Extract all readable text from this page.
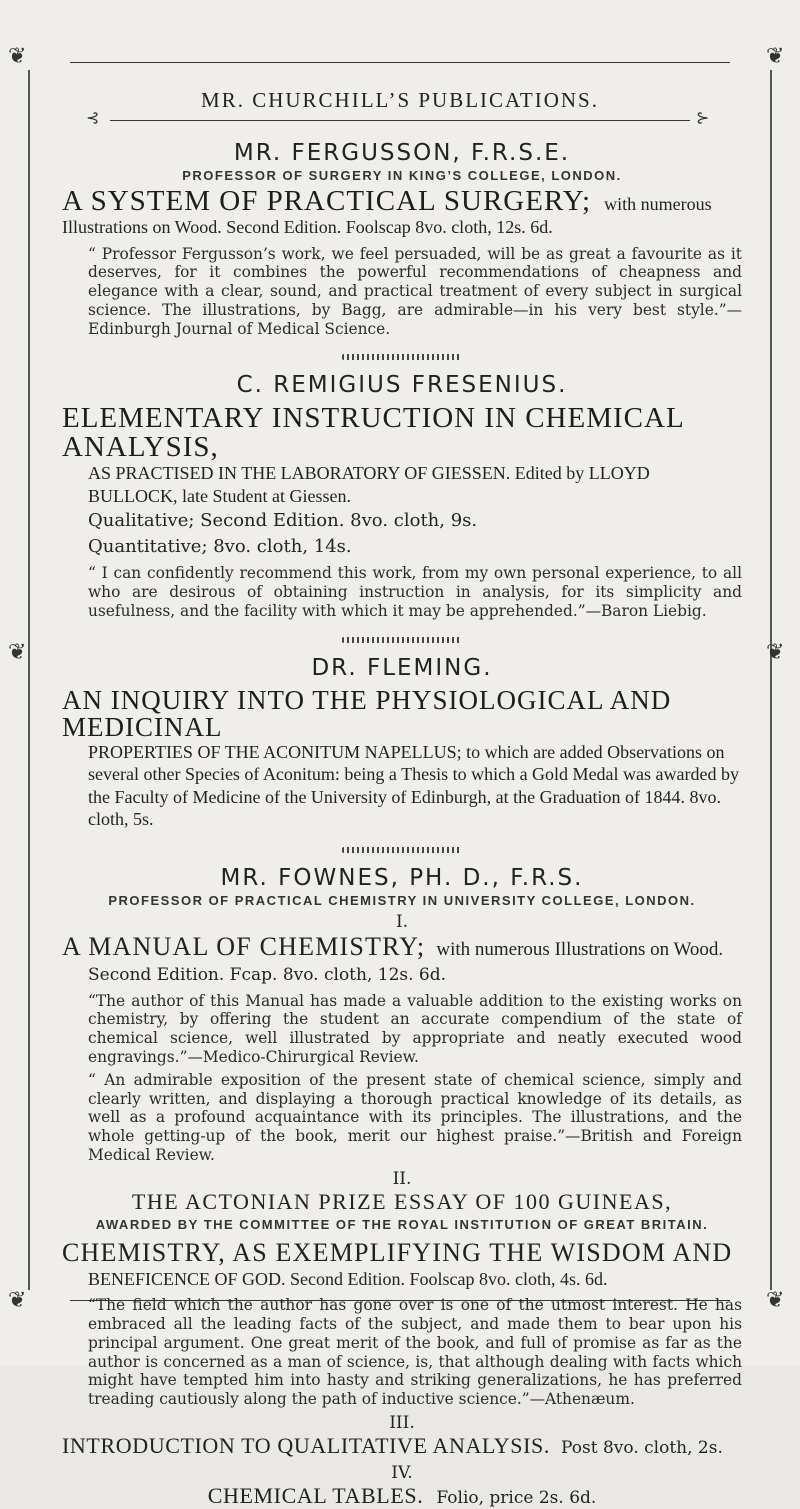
❦	❦
❦	❦
❦	❦
⊰	⊱
MR. CHURCHILL’S PUBLICATIONS.
MR. FERGUSSON, F.R.S.E.
PROFESSOR OF SURGERY IN KING’S COLLEGE, LONDON.
A SYSTEM OF PRACTICAL SURGERY; with numerous Illustrations on Wood. Second Edition. Foolscap 8vo. cloth, 12s. 6d.

“ Professor Fergusson’s work, we feel persuaded, will be as great a favourite as it deserves, for it combines the powerful recommendations of cheapness and elegance with a clear, sound, and practical treatment of every subject in surgical science. The illustrations, by Bagg, are admirable—in his very best style.”—Edinburgh Journal of Medical Science.

C. REMIGIUS FRESENIUS.
ELEMENTARY INSTRUCTION IN CHEMICAL ANALYSIS,
AS PRACTISED IN THE LABORATORY OF GIESSEN. Edited by LLOYD BULLOCK, late Student at Giessen.
Qualitative; Second Edition. 8vo. cloth, 9s.
Quantitative; 8vo. cloth, 14s.

“ I can confidently recommend this work, from my own personal experience, to all who are desirous of obtaining instruction in analysis, for its simplicity and usefulness, and the facility with which it may be apprehended.”—Baron Liebig.

DR. FLEMING.
AN INQUIRY INTO THE PHYSIOLOGICAL AND MEDICINAL
PROPERTIES OF THE ACONITUM NAPELLUS; to which are added Observations on several other Species of Aconitum: being a Thesis to which a Gold Medal was awarded by the Faculty of Medicine of the University of Edinburgh, at the Graduation of 1844. 8vo. cloth, 5s.
MR. FOWNES, PH. D., F.R.S.
PROFESSOR OF PRACTICAL CHEMISTRY IN UNIVERSITY COLLEGE, LONDON.
I.
A MANUAL OF CHEMISTRY; with numerous Illustrations on Wood.
Second Edition. Fcap. 8vo. cloth, 12s. 6d.

“The author of this Manual has made a valuable addition to the existing works on chemistry, by offering the student an accurate compendium of the state of chemical science, well illustrated by appropriate and neatly executed wood engravings.”—Medico-Chirurgical Review.

“ An admirable exposition of the present state of chemical science, simply and clearly written, and displaying a thorough practical knowledge of its details, as well as a profound acquaintance with its principles. The illustrations, and the whole getting-up of the book, merit our highest praise.”—British and Foreign Medical Review.

II.
THE ACTONIAN PRIZE ESSAY OF 100 GUINEAS,
AWARDED BY THE COMMITTEE OF THE ROYAL INSTITUTION OF GREAT BRITAIN.
CHEMISTRY, AS EXEMPLIFYING THE WISDOM AND
BENEFICENCE OF GOD. Second Edition. Foolscap 8vo. cloth, 4s. 6d.

“The field which the author has gone over is one of the utmost interest. He has embraced all the leading facts of the subject, and made them to bear upon his principal argument. One great merit of the book, and full of promise as far as the author is concerned as a man of science, is, that although dealing with facts which might have tempted him into hasty and striking generalizations, he has preferred treading cautiously along the path of inductive science.”—Athenæum.

III.
INTRODUCTION TO QUALITATIVE ANALYSIS. Post 8vo. cloth, 2s.
IV.
CHEMICAL TABLES. Folio, price 2s. 6d.
